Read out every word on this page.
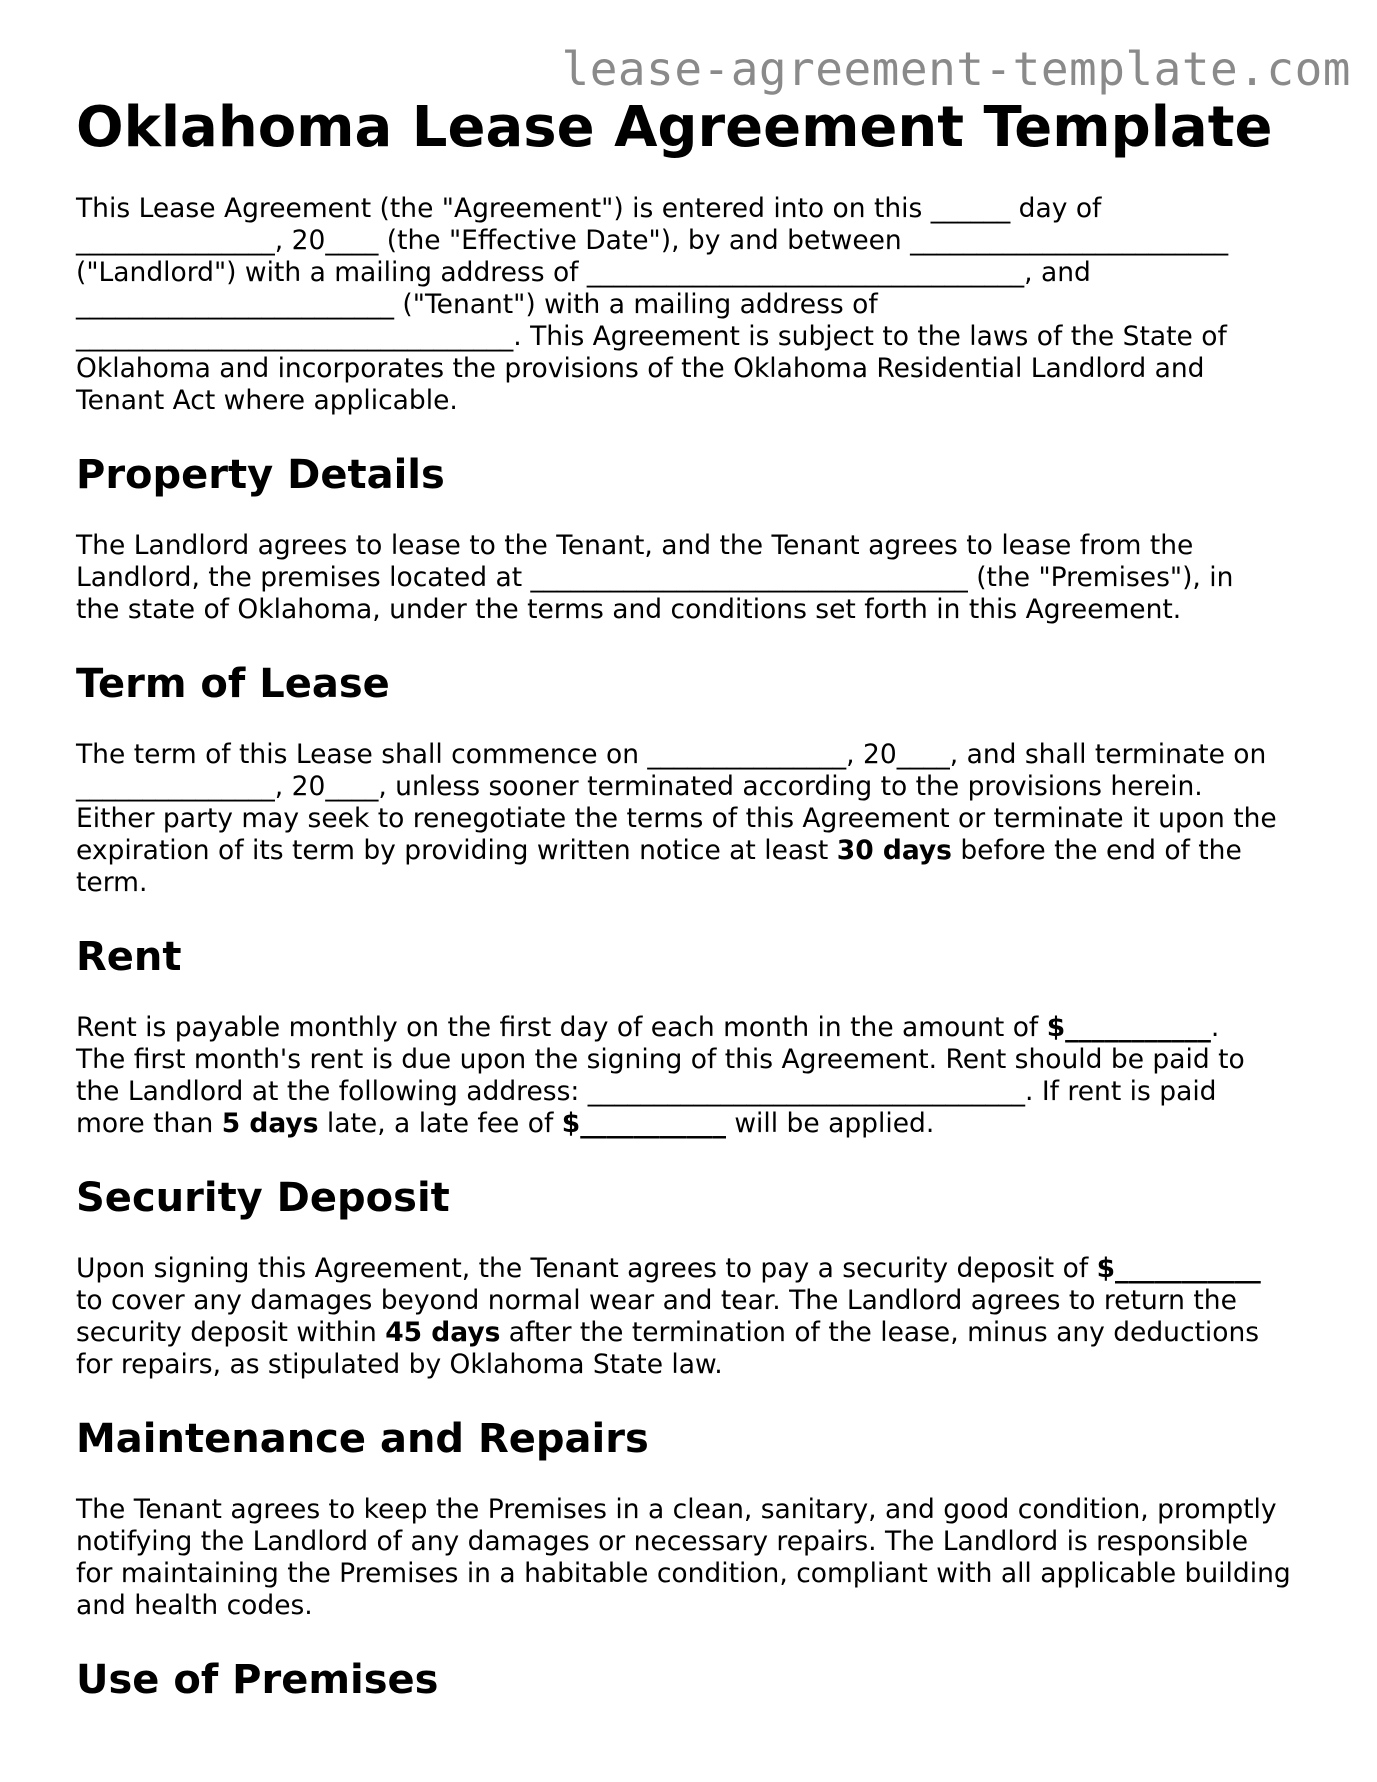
lease-agreement-template.com
Oklahoma Lease Agreement Template

This Lease Agreement (the "Agreement") is entered into on this ______ day of
_______________, 20____ (the "Effective Date"), by and between ________________________
("Landlord") with a mailing address of _________________________________, and
________________________ ("Tenant") with a mailing address of
_________________________________. This Agreement is subject to the laws of the State of
Oklahoma and incorporates the provisions of the Oklahoma Residential Landlord and
Tenant Act where applicable.

Property Details

The Landlord agrees to lease to the Tenant, and the Tenant agrees to lease from the
Landlord, the premises located at _________________________________ (the "Premises"), in
the state of Oklahoma, under the terms and conditions set forth in this Agreement.

Term of Lease

The term of this Lease shall commence on _______________, 20____, and shall terminate on
_______________, 20____, unless sooner terminated according to the provisions herein.
Either party may seek to renegotiate the terms of this Agreement or terminate it upon the
expiration of its term by providing written notice at least 30 days before the end of the
term.

Rent

Rent is payable monthly on the first day of each month in the amount of $___________.
The first month's rent is due upon the signing of this Agreement. Rent should be paid to
the Landlord at the following address: _________________________________. If rent is paid
more than 5 days late, a late fee of $___________ will be applied.

Security Deposit

Upon signing this Agreement, the Tenant agrees to pay a security deposit of $___________
to cover any damages beyond normal wear and tear. The Landlord agrees to return the
security deposit within 45 days after the termination of the lease, minus any deductions
for repairs, as stipulated by Oklahoma State law.

Maintenance and Repairs

The Tenant agrees to keep the Premises in a clean, sanitary, and good condition, promptly
notifying the Landlord of any damages or necessary repairs. The Landlord is responsible
for maintaining the Premises in a habitable condition, compliant with all applicable building
and health codes.

Use of Premises
